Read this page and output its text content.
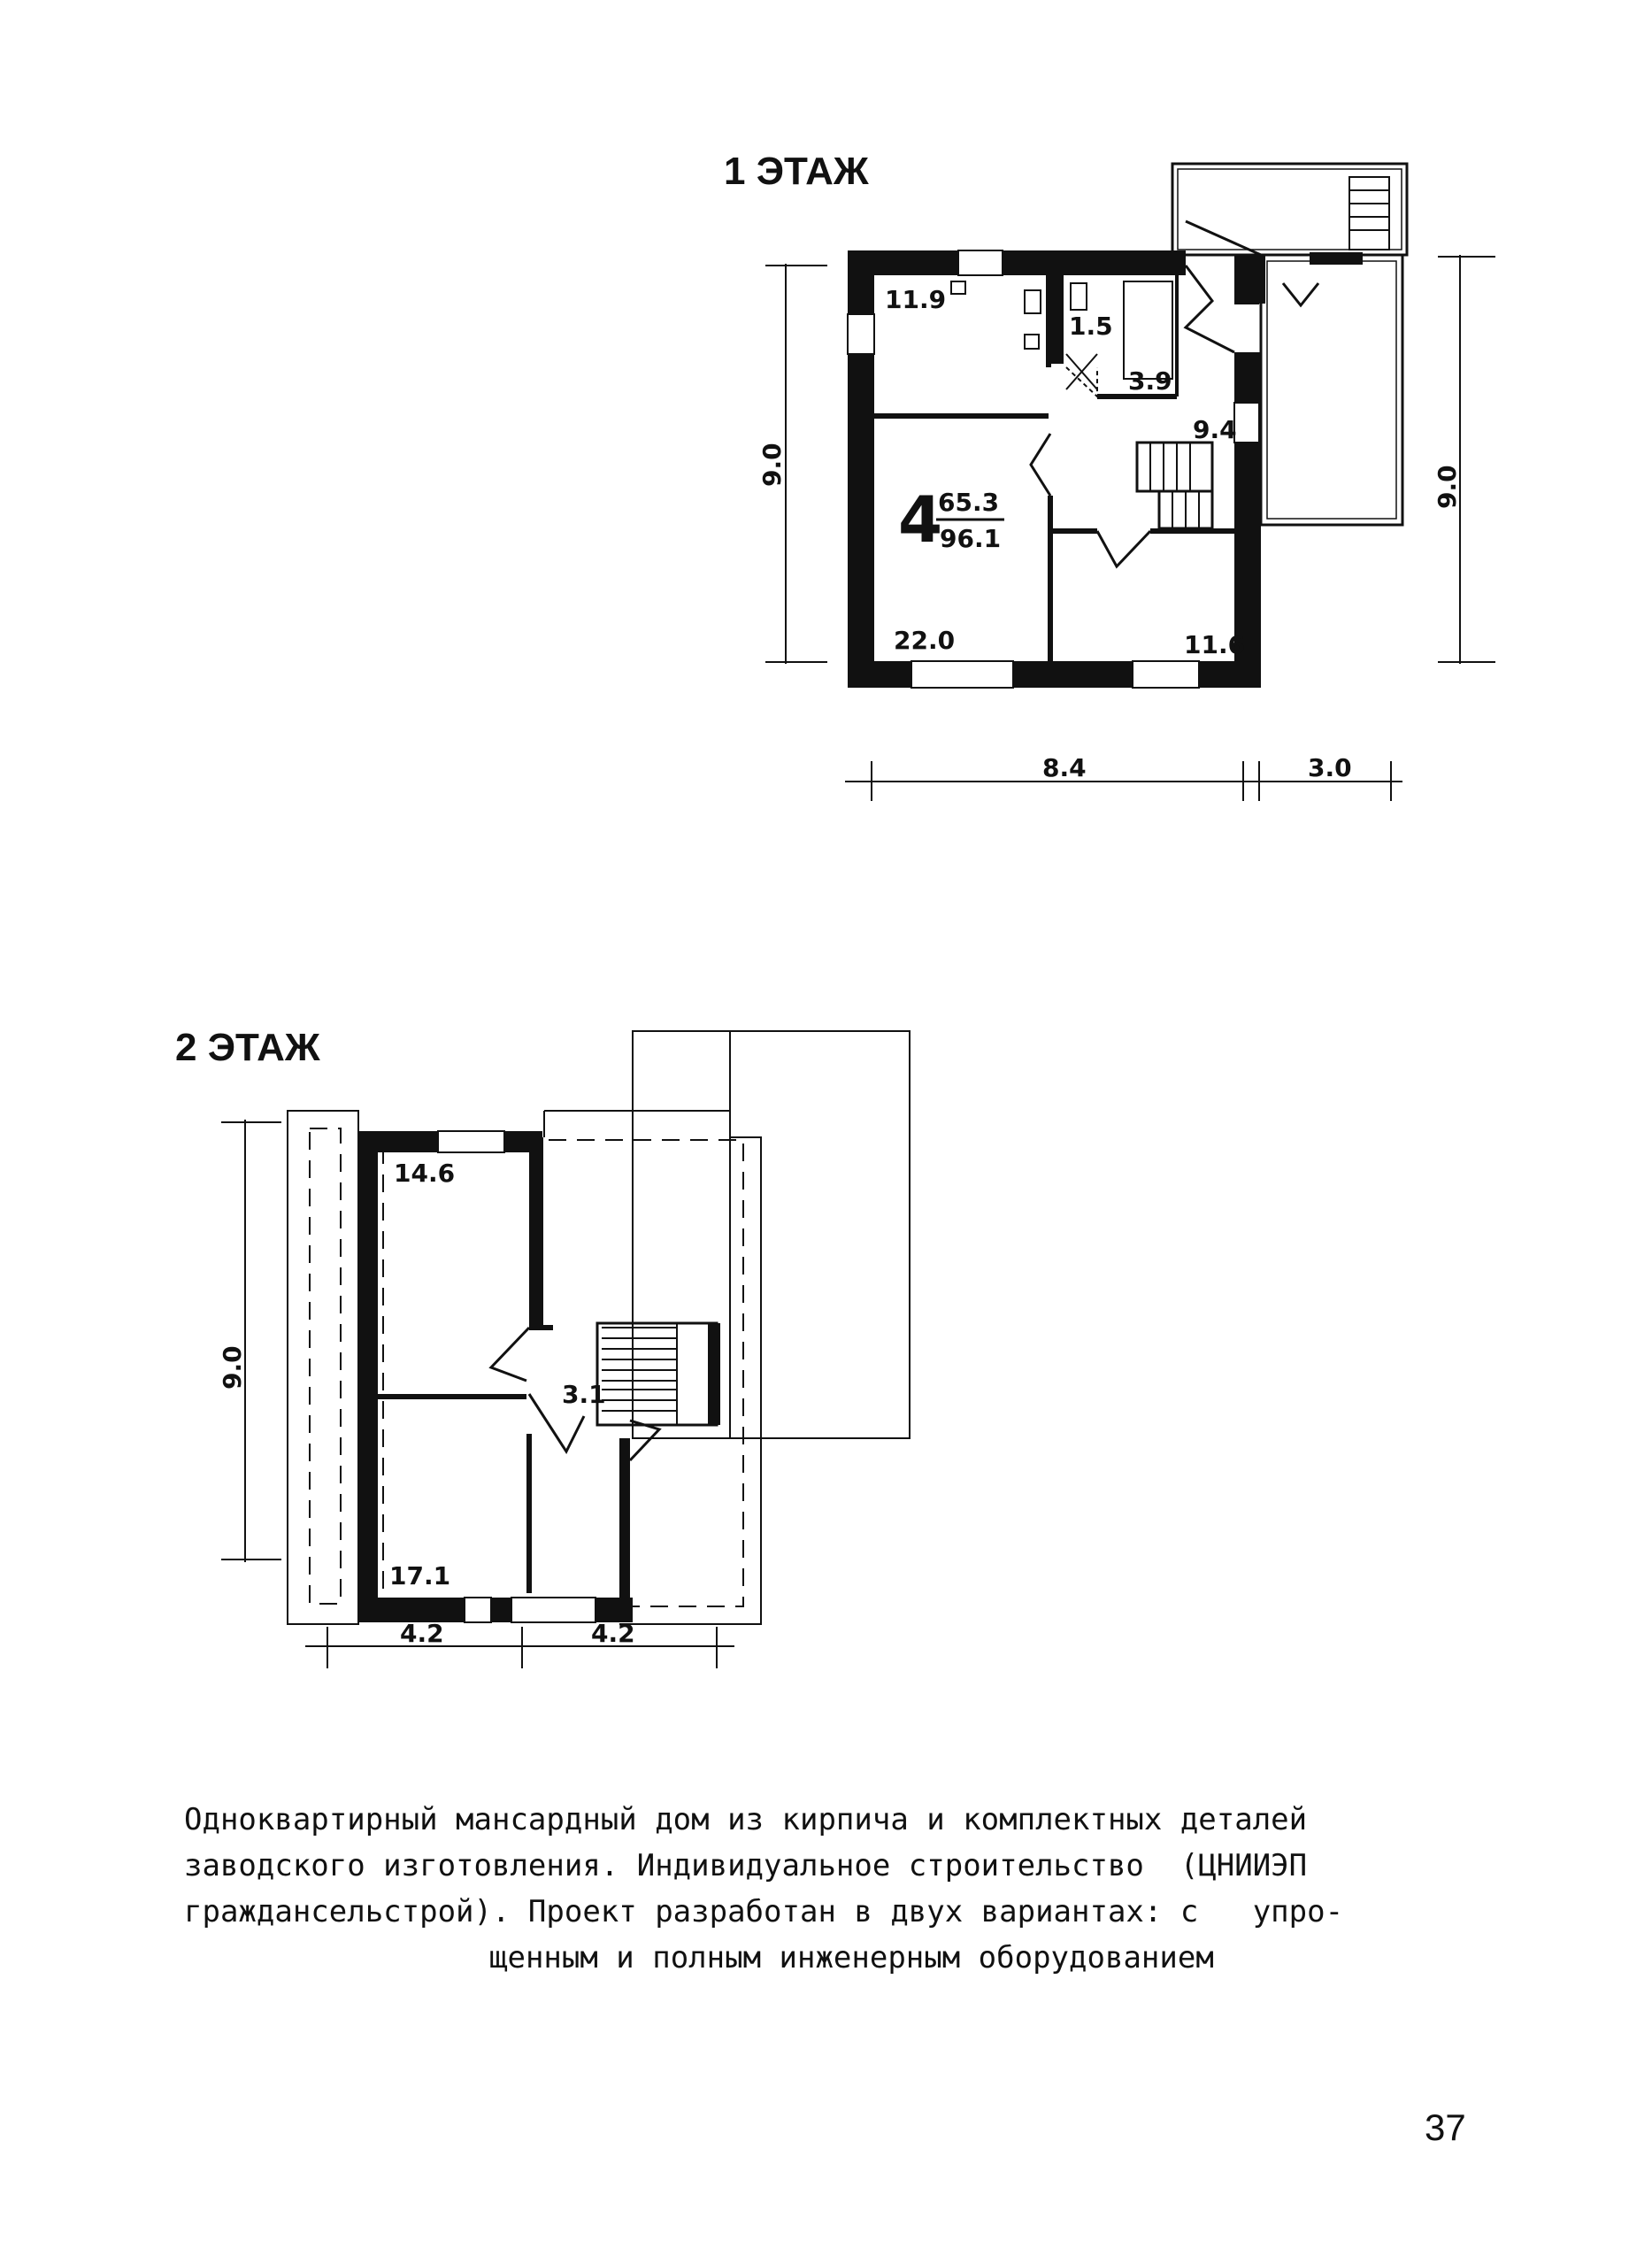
1 ЭТАЖ
11.9
1.5
3.9
9.4
22.0	11.6
4
65.3
96.1
9.0
9.0
8.4	3.0
2 ЭТАЖ
14.6
3.1
17.1
9.0
4.2	4.2
Одноквартирный мансардный дом из кирпича и комплектных деталей
заводского изготовления. Индивидуальное строительство  (ЦНИИЭП
граждансельстрой). Проект разработан в двух вариантах: с   упро-
щенным и полным инженерным оборудованием
37
